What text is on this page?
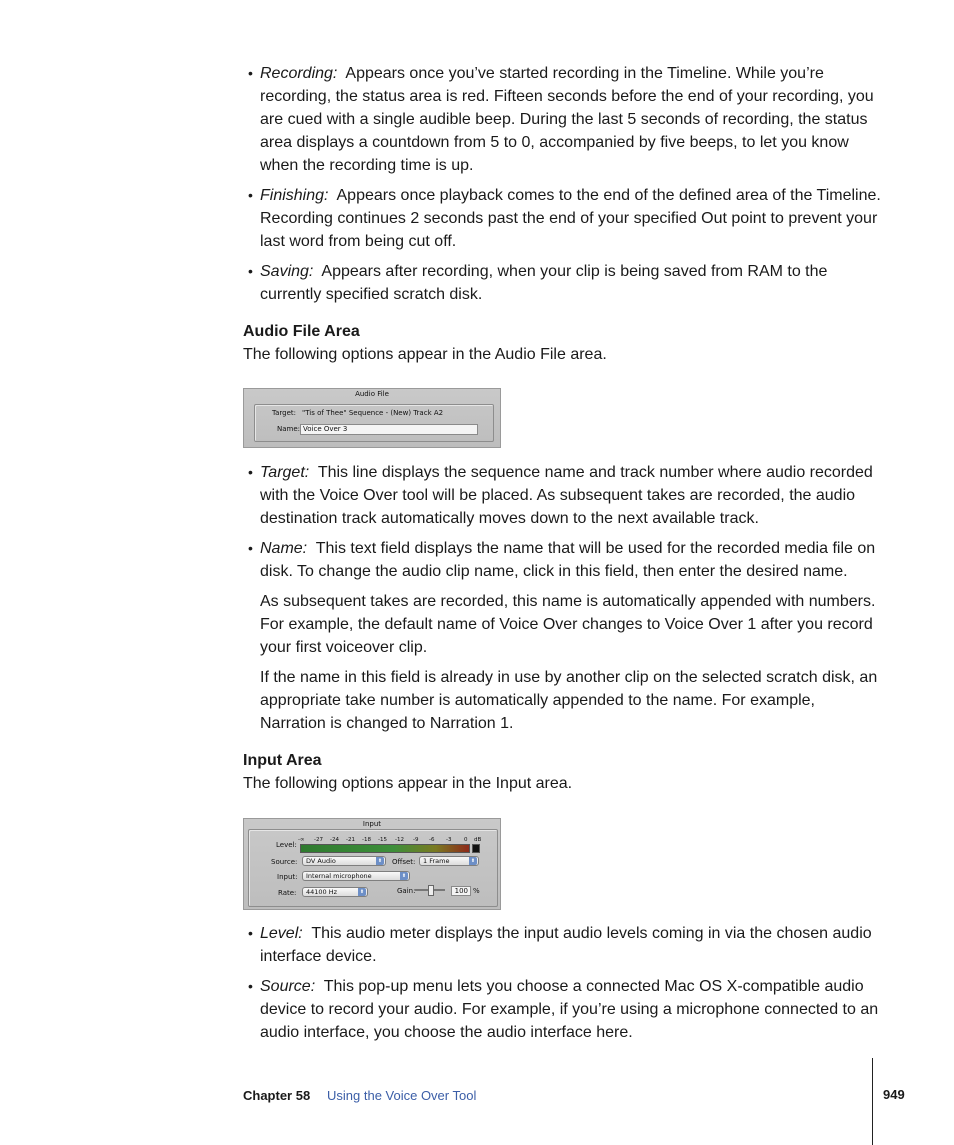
• Recording: Appears once you’ve started recording in the Timeline. While you’re recording, the status area is red. Fifteen seconds before the end of your recording, you are cued with a single audible beep. During the last 5 seconds of recording, the status area displays a countdown from 5 to 0, accompanied by five beeps, to let you know when the recording time is up.
• Finishing: Appears once playback comes to the end of the defined area of the Timeline. Recording continues 2 seconds past the end of your specified Out point to prevent your last word from being cut off.
• Saving: Appears after recording, when your clip is being saved from RAM to the currently specified scratch disk.
Audio File Area

The following options appear in the Audio File area.

Audio File
Target: "Tis of Thee" Sequence - (New) Track A2
Name: Voice Over 3
• Target: This line displays the sequence name and track number where audio recorded with the Voice Over tool will be placed. As subsequent takes are recorded, the audio destination track automatically moves down to the next available track.
• Name: This text field displays the name that will be used for the recorded media file on disk. To change the audio clip name, click in this field, then enter the desired name.

As subsequent takes are recorded, this name is automatically appended with numbers. For example, the default name of Voice Over changes to Voice Over 1 after you record your first voiceover clip.

If the name in this field is already in use by another clip on the selected scratch disk, an appropriate take number is automatically appended to the name. For example, Narration is changed to Narration 1.

Input Area

The following options appear in the Input area.

Input
Level:
-∞ -27 -24 -21 -18 -15 -12 -9 -6 -3 0 dB
Source:	DV Audio	⬍ Offset:	1 Frame	⬍
Input:	Internal microphone	⬍
Rate:	44100 Hz	⬍	Gain:	100 %
• Level: This audio meter displays the input audio levels coming in via the chosen audio interface device.
• Source: This pop-up menu lets you choose a connected Mac OS X-compatible audio device to record your audio. For example, if you’re using a microphone connected to an audio interface, you choose the audio interface here.
Chapter 58 Using the Voice Over Tool	949
